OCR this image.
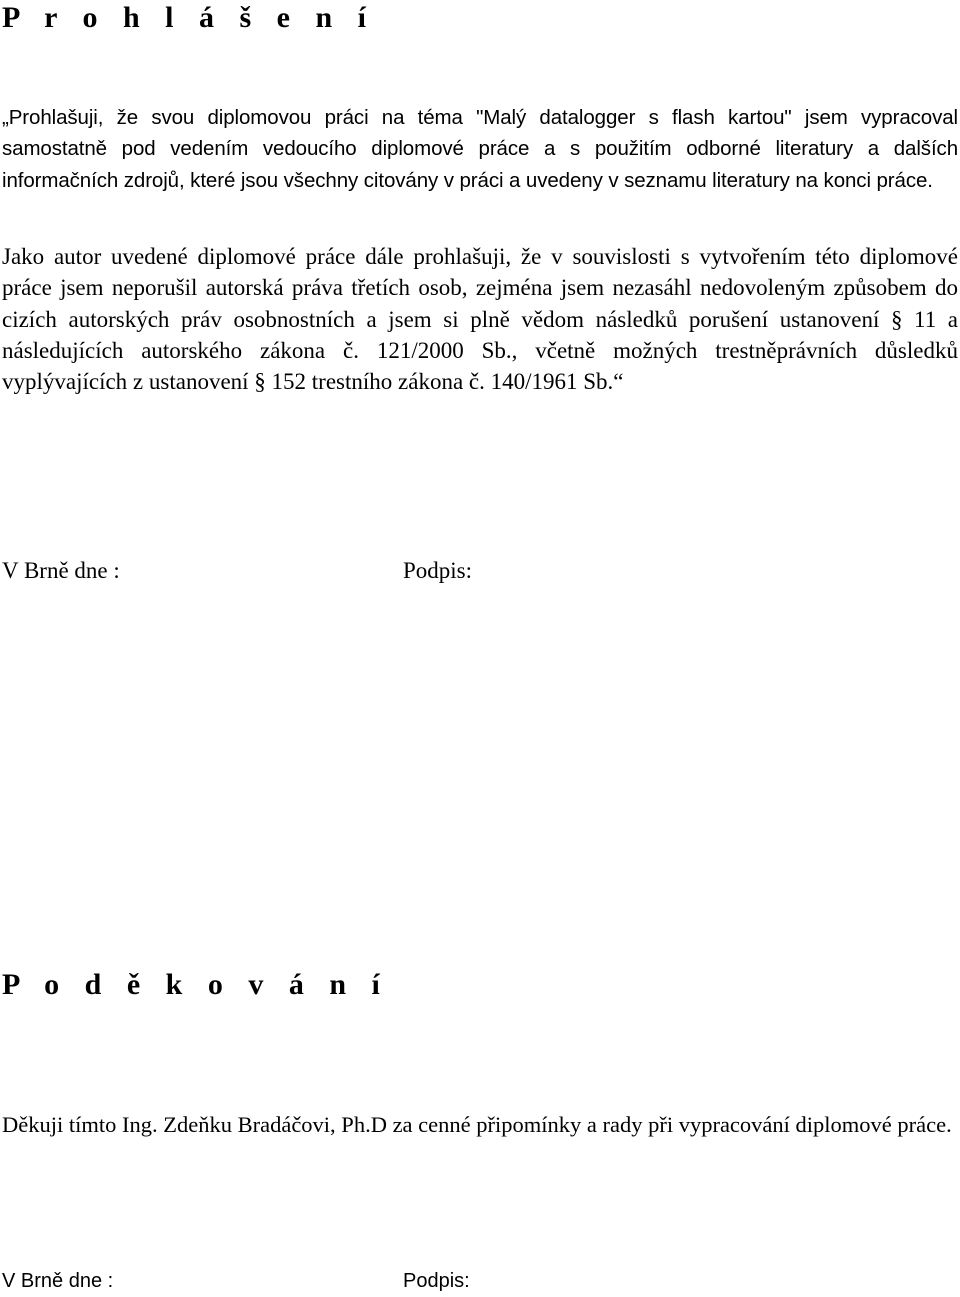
P r o h l á š e n í

„Prohlašuji, že svou diplomovou práci na téma "Malý datalogger s flash kartou" jsem vypracoval samostatně pod vedením vedoucího diplomové práce a s použitím odborné literatury a dalších informačních zdrojů, které jsou všechny citovány v práci a uvedeny v seznamu literatury na konci práce.

Jako autor uvedené diplomové práce dále prohlašuji, že v souvislosti s vytvořením této diplomové práce jsem neporušil autorská práva třetích osob, zejména jsem nezasáhl nedovoleným způsobem do cizích autorských práv osobnostních a jsem si plně vědom následků porušení ustanovení § 11 a následujících autorského zákona č. 121/2000 Sb., včetně možných trestněprávních důsledků vyplývajících z ustanovení § 152 trestního zákona č. 140/1961 Sb.“

V Brně dne :	Podpis:
P o d ě k o v á n í

Děkuji tímto Ing. Zdeňku Bradáčovi, Ph.D za cenné připomínky a rady při vypracování diplomové práce.

V Brně dne :	Podpis:
